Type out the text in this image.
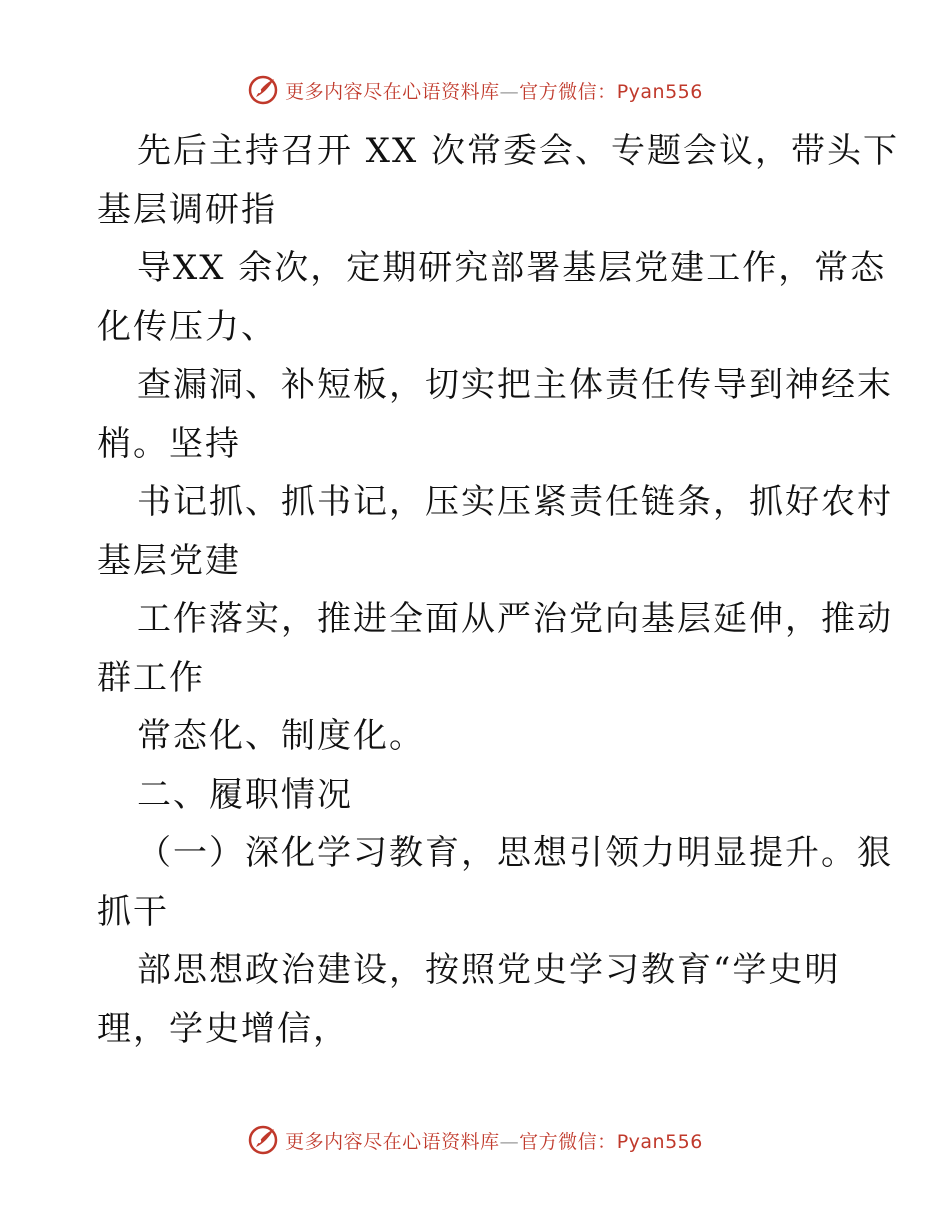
更多内容尽在心语资料库—官方微信：Pyan556
先后主持召开 XX 次常委会、专题会议，带头下
基层调研指
导XX 余次，定期研究部署基层党建工作，常态
化传压力、
查漏洞、补短板，切实把主体责任传导到神经末
梢。坚持
书记抓、抓书记，压实压紧责任链条，抓好农村
基层党建
工作落实，推进全面从严治党向基层延伸，推动
群工作
常态化、制度化。
二、履职情况
（一）深化学习教育，思想引领力明显提升。狠
抓干
部思想政治建设，按照党史学习教育“学史明
理，学史增信，
更多内容尽在心语资料库—官方微信：Pyan556
